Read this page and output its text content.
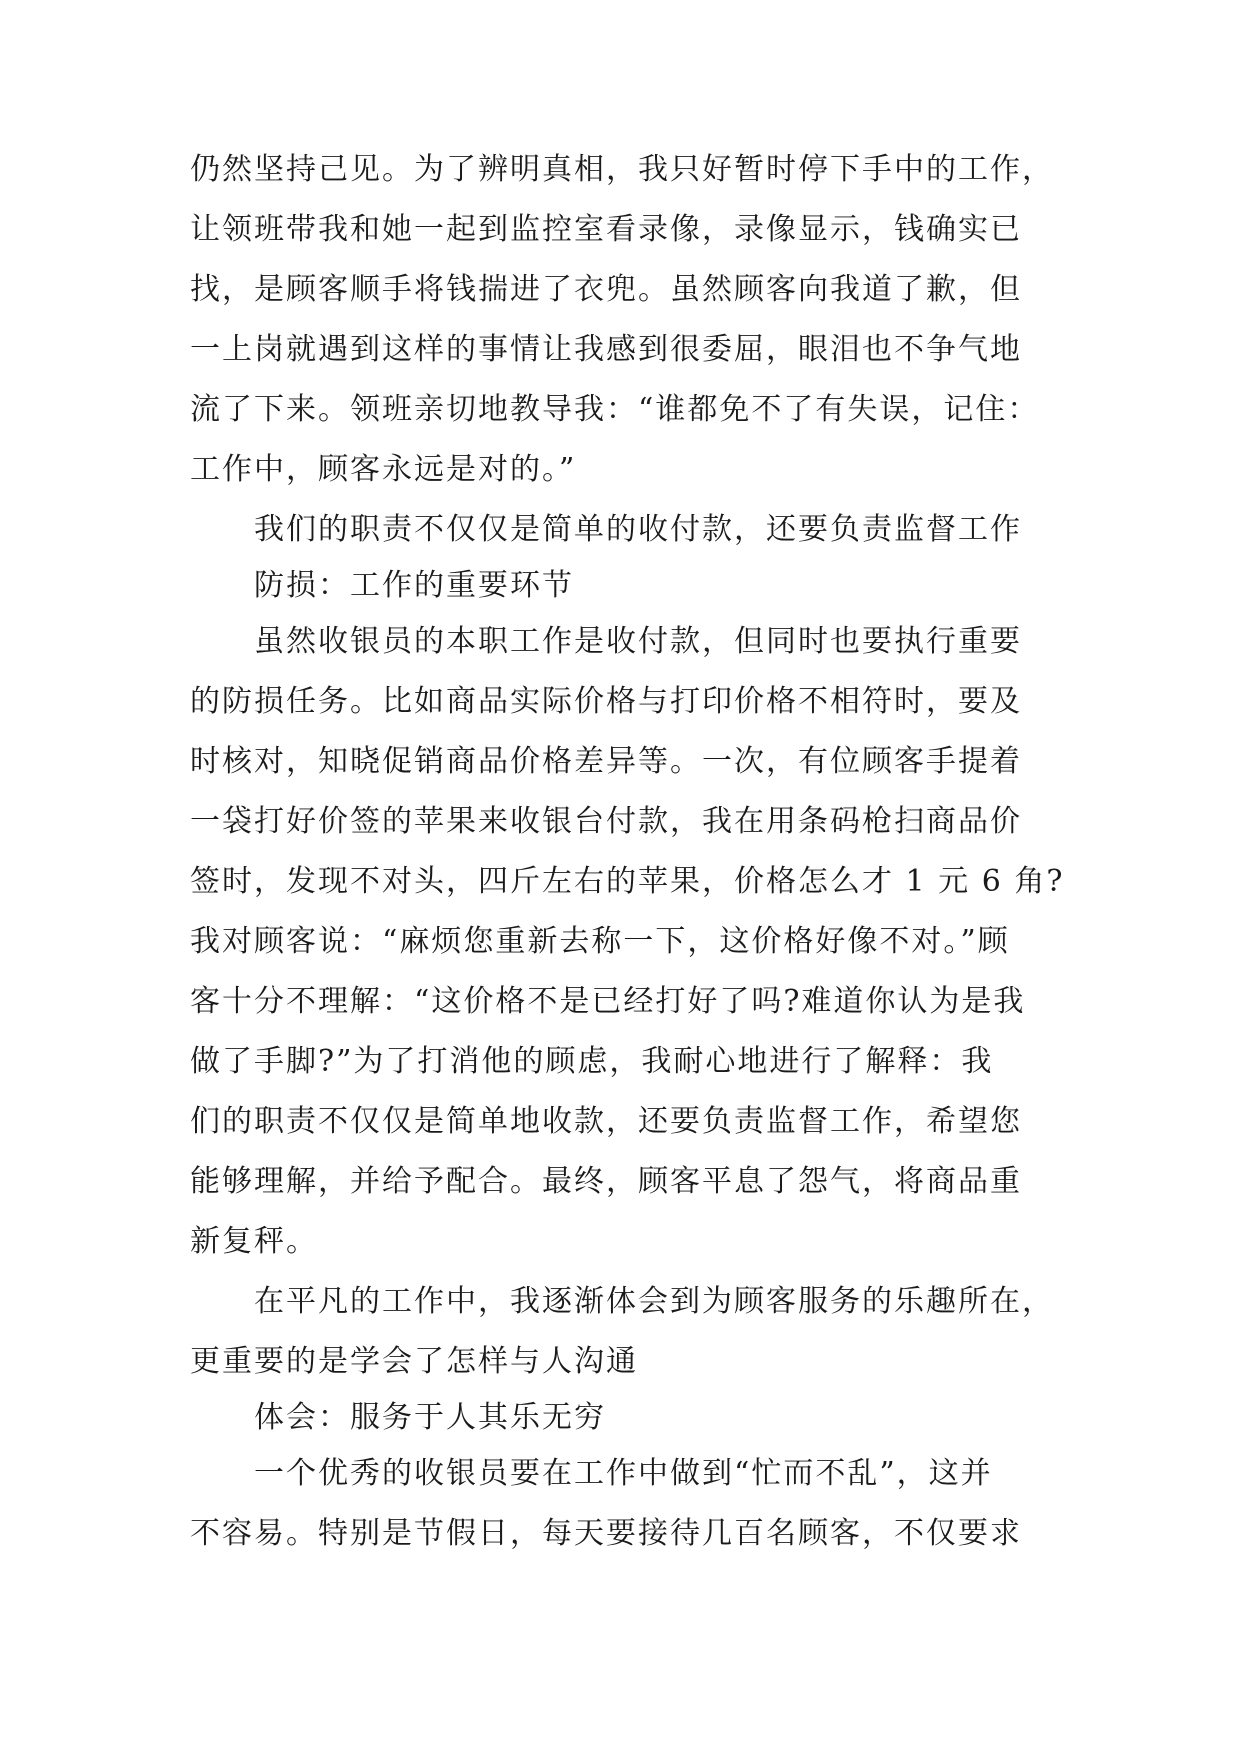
仍然坚持己见。为了辨明真相，我只好暂时停下手中的工作，
让领班带我和她一起到监控室看录像，录像显示，钱确实已
找，是顾客顺手将钱揣进了衣兜。虽然顾客向我道了歉，但
一上岗就遇到这样的事情让我感到很委屈，眼泪也不争气地
流了下来。领班亲切地教导我：“谁都免不了有失误，记住：
工作中，顾客永远是对的。”
我们的职责不仅仅是简单的收付款，还要负责监督工作
防损：工作的重要环节
虽然收银员的本职工作是收付款，但同时也要执行重要
的防损任务。比如商品实际价格与打印价格不相符时，要及
时核对，知晓促销商品价格差异等。一次，有位顾客手提着
一袋打好价签的苹果来收银台付款，我在用条码枪扫商品价
签时，发现不对头，四斤左右的苹果，价格怎么才 1 元 6 角?
我对顾客说：“麻烦您重新去称一下，这价格好像不对。”顾
客十分不理解：“这价格不是已经打好了吗?难道你认为是我
做了手脚?”为了打消他的顾虑，我耐心地进行了解释：我
们的职责不仅仅是简单地收款，还要负责监督工作，希望您
能够理解，并给予配合。最终，顾客平息了怨气，将商品重
新复秤。
在平凡的工作中，我逐渐体会到为顾客服务的乐趣所在，
更重要的是学会了怎样与人沟通
体会：服务于人其乐无穷
一个优秀的收银员要在工作中做到“忙而不乱”，这并
不容易。特别是节假日，每天要接待几百名顾客，不仅要求
